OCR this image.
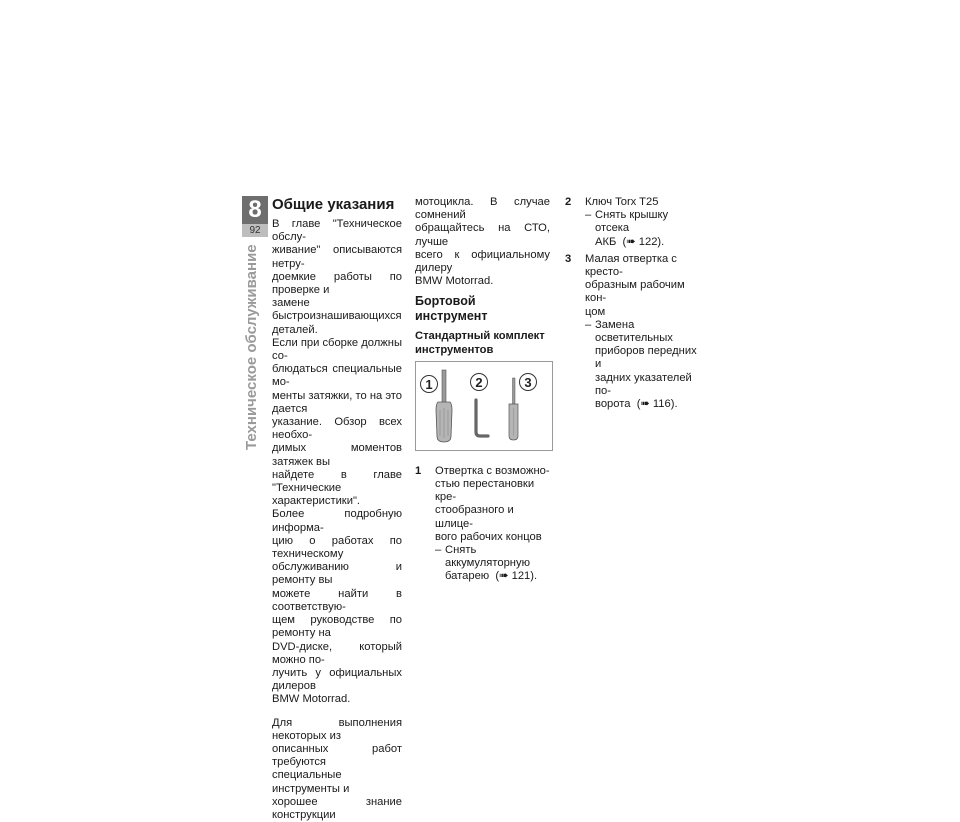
8
92
Техническое обслуживание
Общие указания

В главе "Техническое обслу-
живание" описываются нетру-
доемкие работы по проверке и
замене быстроизнашивающихся
деталей.

Если при сборке должны со-
блюдаться специальные мо-
менты затяжки, то на это дается
указание. Обзор всех необхо-
димых моментов затяжек вы
найдете в главе "Технические
характеристики".

Более подробную информа-
цию о работах по техническому
обслуживанию и ремонту вы
можете найти в соответствую-
щем руководстве по ремонту на
DVD-диске, который можно по-
лучить у официальных дилеров
BMW Motorrad.

Для выполнения некоторых из
описанных работ требуются
специальные инструменты и
хорошее знание конструкции

мотоцикла. В случае сомнений
обращайтесь на СТО, лучше
всего к официальному дилеру
BMW Motorrad.

Бортовой инструмент
Стандартный комплект
инструментов
1	2	3
1 Отвертка с возможно-
стью перестановки кре-
стообразного и шлице-
вого рабочих концов
– Снять аккумуляторную
батарею (➠ 121).
2 Ключ Torx T25
– Снять крышку отсека
АКБ (➠ 122).
3 Малая отвертка с кресто-
образным рабочим кон-
цом
– Замена осветительных
приборов передних и
задних указателей по-
ворота (➠ 116).
